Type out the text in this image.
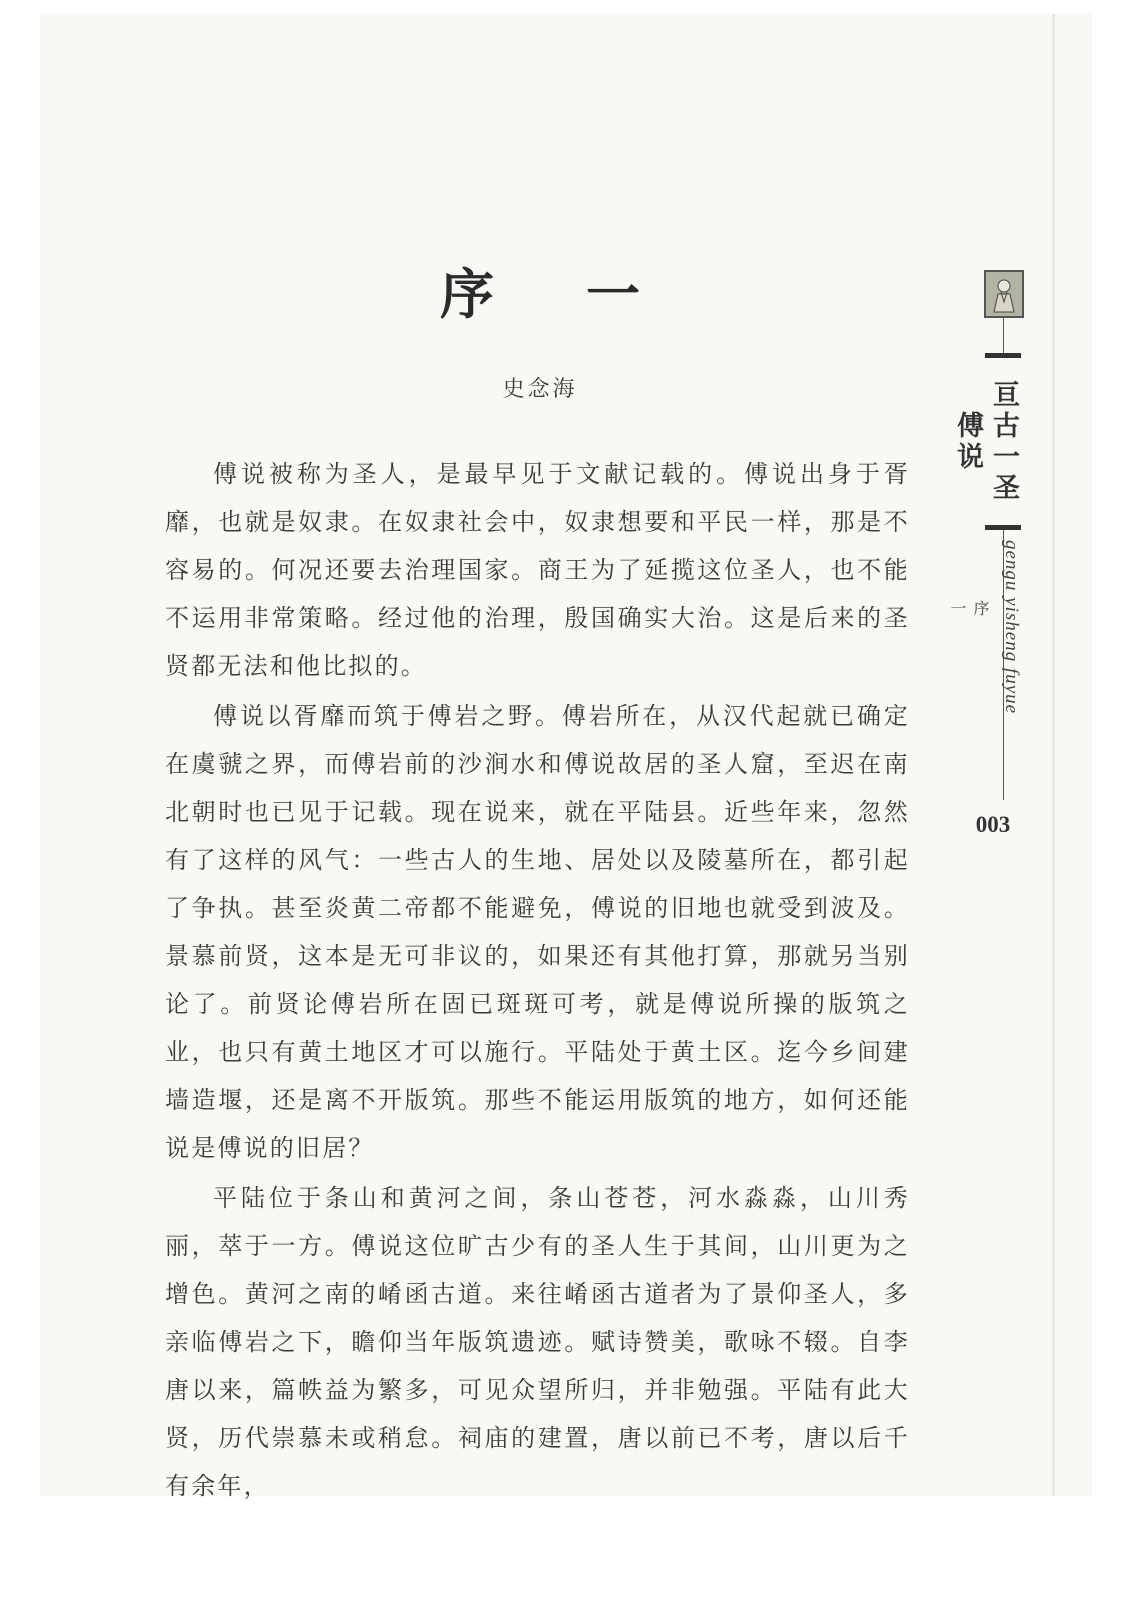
序 一
史念海

傅说被称为圣人，是最早见于文献记载的。傅说出身于胥靡，也就是奴隶。在奴隶社会中，奴隶想要和平民一样，那是不容易的。何况还要去治理国家。商王为了延揽这位圣人，也不能不运用非常策略。经过他的治理，殷国确实大治。这是后来的圣贤都无法和他比拟的。

傅说以胥靡而筑于傅岩之野。傅岩所在，从汉代起就已确定在虞虢之界，而傅岩前的沙涧水和傅说故居的圣人窟，至迟在南北朝时也已见于记载。现在说来，就在平陆县。近些年来，忽然有了这样的风气：一些古人的生地、居处以及陵墓所在，都引起了争执。甚至炎黄二帝都不能避免，傅说的旧地也就受到波及。景慕前贤，这本是无可非议的，如果还有其他打算，那就另当别论了。前贤论傅岩所在固已斑斑可考，就是傅说所操的版筑之业，也只有黄土地区才可以施行。平陆处于黄土区。迄今乡间建墙造堰，还是离不开版筑。那些不能运用版筑的地方，如何还能说是傅说的旧居？

平陆位于条山和黄河之间，条山苍苍，河水淼淼，山川秀丽，萃于一方。傅说这位旷古少有的圣人生于其间，山川更为之增色。黄河之南的崤函古道。来往崤函古道者为了景仰圣人，多亲临傅岩之下，瞻仰当年版筑遗迹。赋诗赞美，歌咏不辍。自李唐以来，篇帙益为繁多，可见众望所归，并非勉强。平陆有此大贤，历代崇慕未或稍怠。祠庙的建置，唐以前已不考，唐以后千有余年，

亘古一圣 傅说
gengu yisheng fuyue
序一
003
